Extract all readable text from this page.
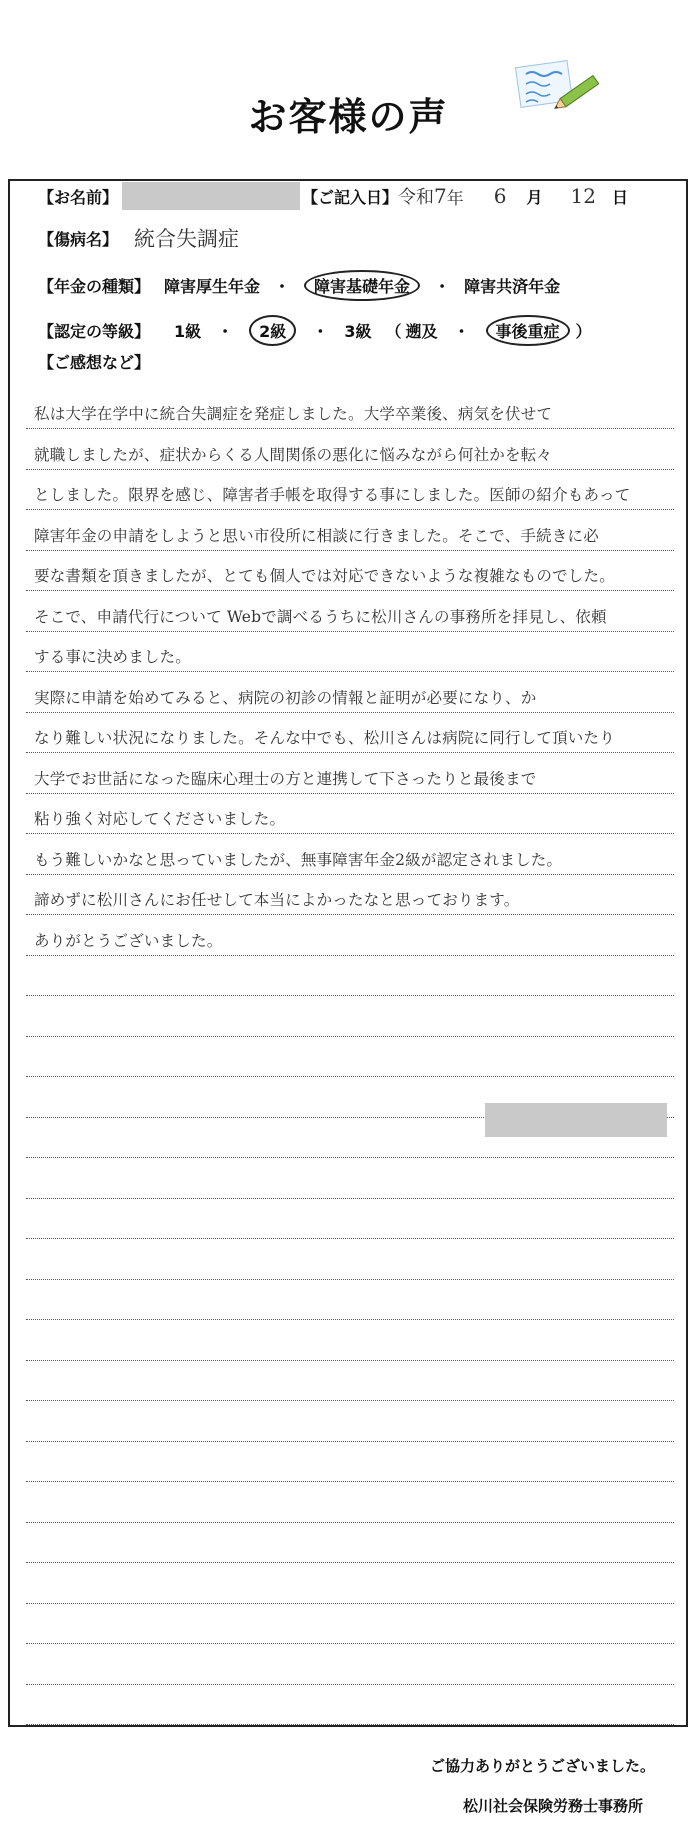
お客様の声
【お名前】	【ご記入日】 令和 7 年 6 月 12 日
【傷病名】 統合失調症
【年金の種類】 障害厚生年金 ・	障害基礎年金	・ 障害共済年金
【認定の等級】 1級 ・	2級	・ 3級 （ 遡及 ・	事後重症	）
【ご感想など】
私は大学在学中に統合失調症を発症しました。大学卒業後、病気を伏せて
就職しましたが、症状からくる人間関係の悪化に悩みながら何社かを転々
としました。限界を感じ、障害者手帳を取得する事にしました。医師の紹介もあって
障害年金の申請をしようと思い市役所に相談に行きました。そこで、手続きに必
要な書類を頂きましたが、とても個人では対応できないような複雑なものでした。
そこで、申請代行について Webで調べるうちに松川さんの事務所を拝見し、依頼
する事に決めました。
実際に申請を始めてみると、病院の初診の情報と証明が必要になり、か
なり難しい状況になりました。そんな中でも、松川さんは病院に同行して頂いたり
大学でお世話になった臨床心理士の方と連携して下さったりと最後まで
粘り強く対応してくださいました。
もう難しいかなと思っていましたが、無事障害年金2級が認定されました。
諦めずに松川さんにお任せして本当によかったなと思っております。
ありがとうございました。
ご協力ありがとうございました。
松川社会保険労務士事務所
